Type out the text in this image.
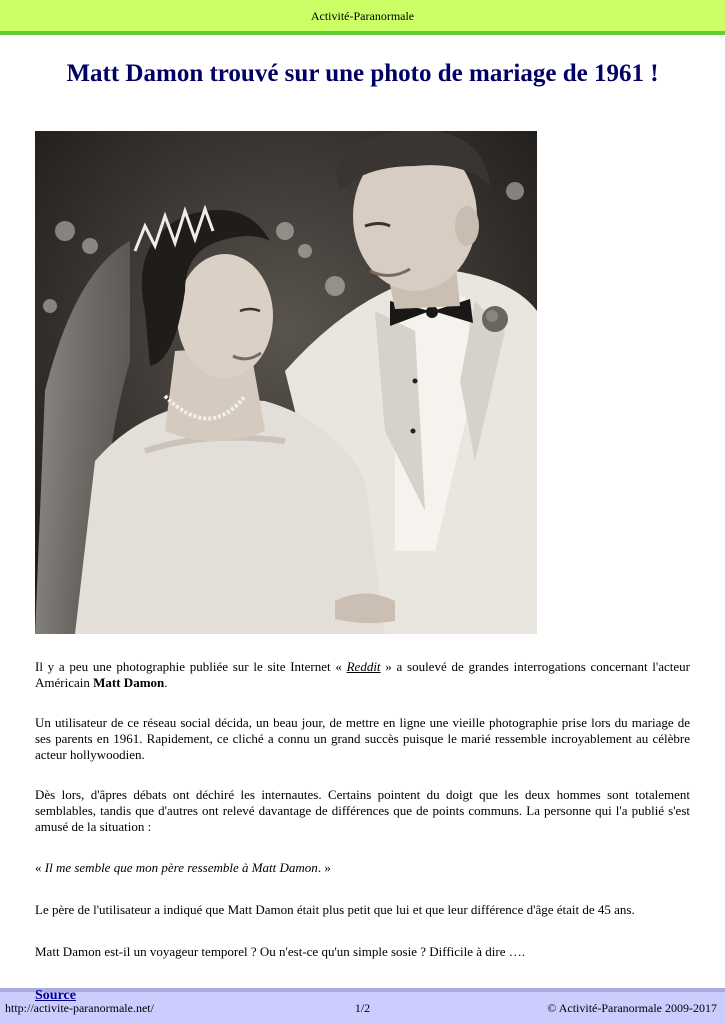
Activité-Paranormale
Matt Damon trouvé sur une photo de mariage de 1961 !

Il y a peu une photographie publiée sur le site Internet « Reddit » a soulevé de grandes interrogations concernant l'acteur Américain Matt Damon.

Un utilisateur de ce réseau social décida, un beau jour, de mettre en ligne une vieille photographie prise lors du mariage de ses parents en 1961. Rapidement, ce cliché a connu un grand succès puisque le marié ressemble incroyablement au célèbre acteur hollywoodien.

Dès lors, d'âpres débats ont déchiré les internautes. Certains pointent du doigt que les deux hommes sont totalement semblables, tandis que d'autres ont relevé davantage de différences que de points communs. La personne qui l'a publié s'est amusé de la situation :

« Il me semble que mon père ressemble à Matt Damon. »

Le père de l'utilisateur a indiqué que Matt Damon était plus petit que lui et que leur différence d'âge était de 45 ans.

Matt Damon est-il un voyageur temporel ? Ou n'est-ce qu'un simple sosie ? Difficile à dire ….

Source
http://activite-paranormale.net/	1/2	© Activité-Paranormale 2009-2017
